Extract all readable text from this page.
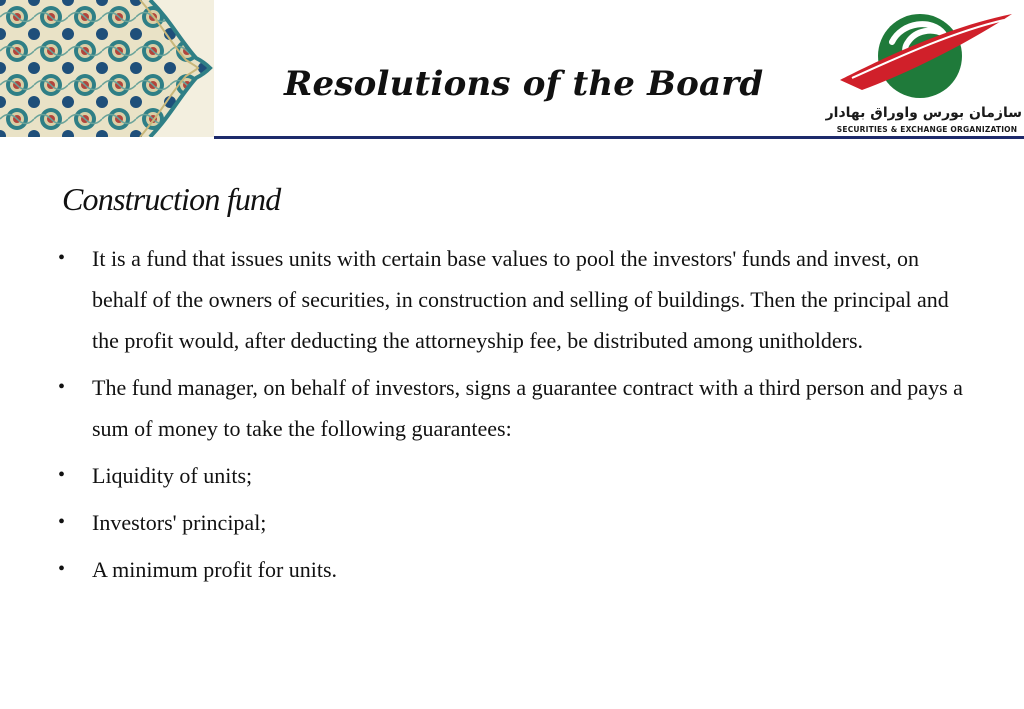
Resolutions of the Board
سازمان بورس واوراق بهادار
SECURITIES & EXCHANGE ORGANIZATION
Construction fund
• It is a fund that issues units with certain base values to pool the investors' funds and invest, on behalf of the owners of securities, in construction and selling of buildings. Then the principal and the profit would, after deducting the attorneyship fee, be distributed among unitholders.
• The fund manager, on behalf of investors, signs a guarantee contract with a third person and pays a sum of money to take the following guarantees:
• Liquidity of units;
• Investors' principal;
• A minimum profit for units.
